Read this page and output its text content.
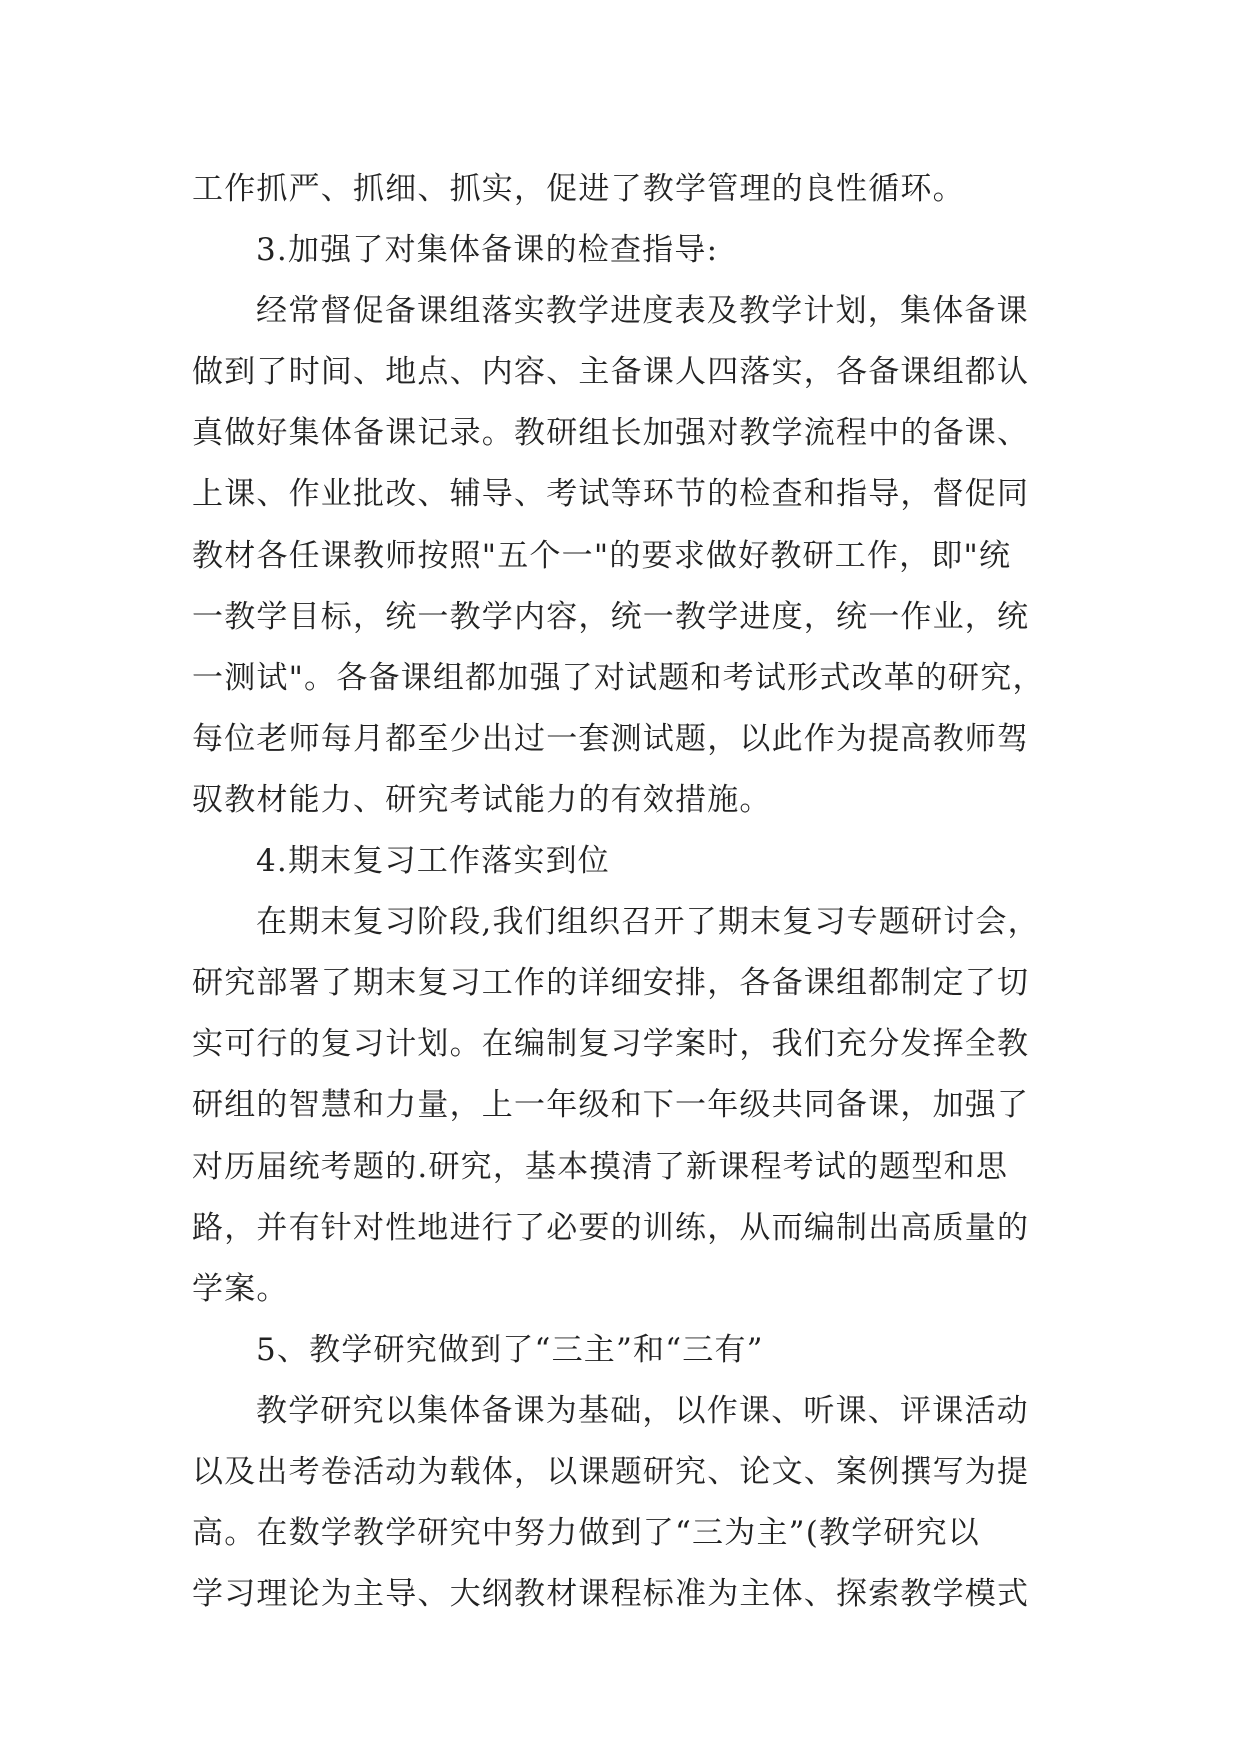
工作抓严、抓细、抓实，促进了教学管理的良性循环。
3.加强了对集体备课的检查指导:
经常督促备课组落实教学进度表及教学计划，集体备课
做到了时间、地点、内容、主备课人四落实，各备课组都认
真做好集体备课记录。教研组长加强对教学流程中的备课、
上课、作业批改、辅导、考试等环节的检查和指导，督促同
教材各任课教师按照"五个一"的要求做好教研工作，即"统
一教学目标，统一教学内容，统一教学进度，统一作业，统
一测试"。各备课组都加强了对试题和考试形式改革的研究，
每位老师每月都至少出过一套测试题，以此作为提高教师驾
驭教材能力、研究考试能力的有效措施。
4.期末复习工作落实到位
在期末复习阶段,我们组织召开了期末复习专题研讨会，
研究部署了期末复习工作的详细安排，各备课组都制定了切
实可行的复习计划。在编制复习学案时，我们充分发挥全教
研组的智慧和力量，上一年级和下一年级共同备课，加强了
对历届统考题的.研究，基本摸清了新课程考试的题型和思
路，并有针对性地进行了必要的训练，从而编制出高质量的
学案。
5、教学研究做到了“三主”和“三有”
教学研究以集体备课为基础，以作课、听课、评课活动
以及出考卷活动为载体，以课题研究、论文、案例撰写为提
高。在数学教学研究中努力做到了“三为主”(教学研究以
学习理论为主导、大纲教材课程标准为主体、探索教学模式
